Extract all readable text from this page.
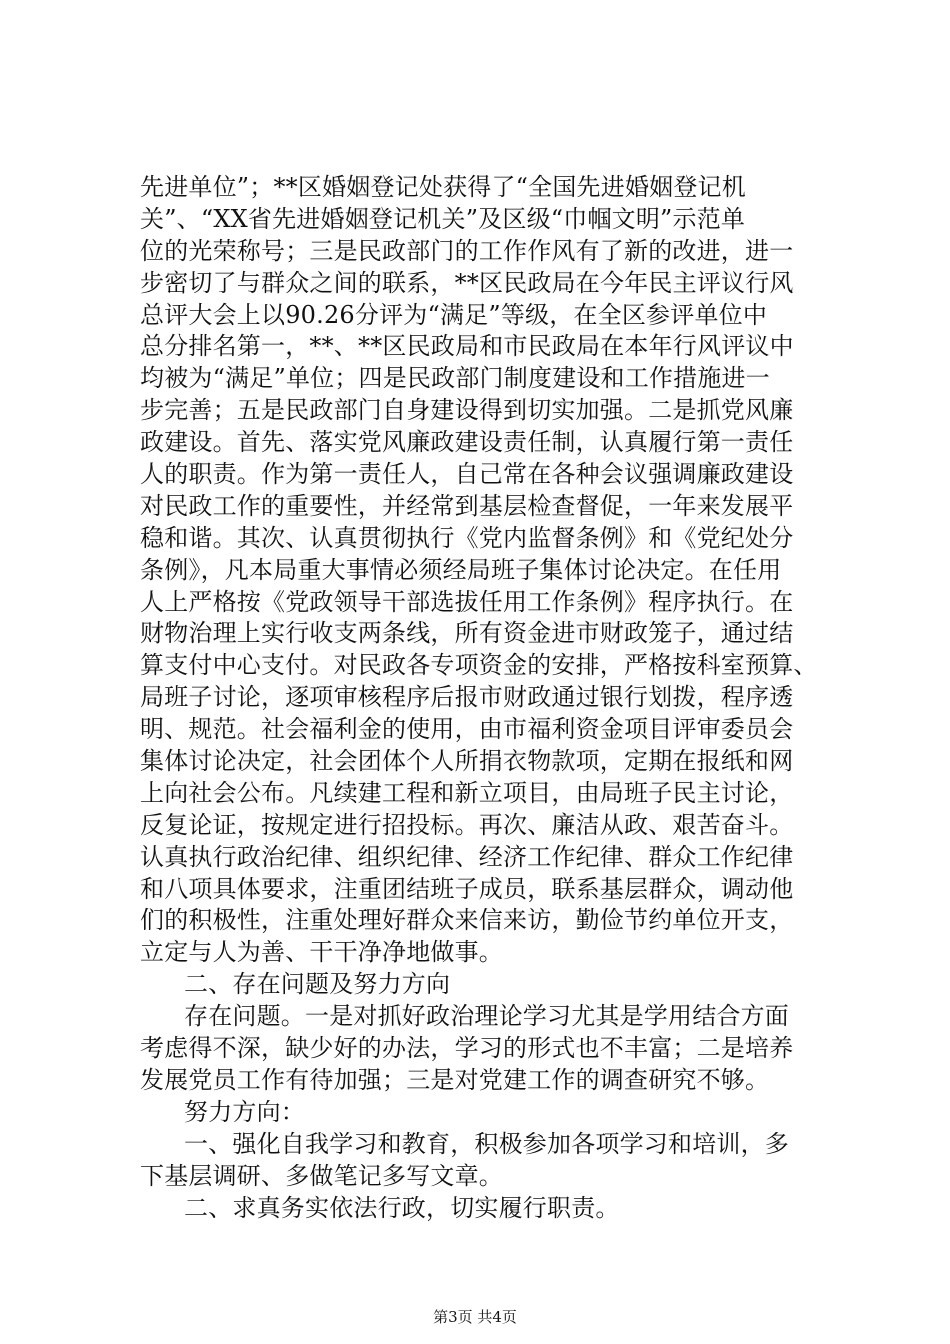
先进单位”；**区婚姻登记处获得了“全国先进婚姻登记机
关”、“XX省先进婚姻登记机关”及区级“巾帼文明”示范单
位的光荣称号；三是民政部门的工作作风有了新的改进，进一
步密切了与群众之间的联系，**区民政局在今年民主评议行风
总评大会上以90.26分评为“满足”等级，在全区参评单位中
总分排名第一，**、**区民政局和市民政局在本年行风评议中
均被为“满足”单位；四是民政部门制度建设和工作措施进一
步完善；五是民政部门自身建设得到切实加强。二是抓党风廉
政建设。首先、落实党风廉政建设责任制，认真履行第一责任
人的职责。作为第一责任人，自己常在各种会议强调廉政建设
对民政工作的重要性，并经常到基层检查督促，一年来发展平
稳和谐。其次、认真贯彻执行《党内监督条例》和《党纪处分
条例》，凡本局重大事情必须经局班子集体讨论决定。在任用
人上严格按《党政领导干部选拔任用工作条例》程序执行。在
财物治理上实行收支两条线，所有资金进市财政笼子，通过结
算支付中心支付。对民政各专项资金的安排，严格按科室预算、
局班子讨论，逐项审核程序后报市财政通过银行划拨，程序透
明、规范。社会福利金的使用，由市福利资金项目评审委员会
集体讨论决定，社会团体个人所捐衣物款项，定期在报纸和网
上向社会公布。凡续建工程和新立项目，由局班子民主讨论，
反复论证，按规定进行招投标。再次、廉洁从政、艰苦奋斗。
认真执行政治纪律、组织纪律、经济工作纪律、群众工作纪律
和八项具体要求，注重团结班子成员，联系基层群众，调动他
们的积极性，注重处理好群众来信来访，勤俭节约单位开支，
立定与人为善、干干净净地做事。
二、存在问题及努力方向
存在问题。一是对抓好政治理论学习尤其是学用结合方面
考虑得不深，缺少好的办法，学习的形式也不丰富；二是培养
发展党员工作有待加强；三是对党建工作的调查研究不够。
努力方向：
一、强化自我学习和教育，积极参加各项学习和培训，多
下基层调研、多做笔记多写文章。
二、求真务实依法行政，切实履行职责。
第3页 共4页
